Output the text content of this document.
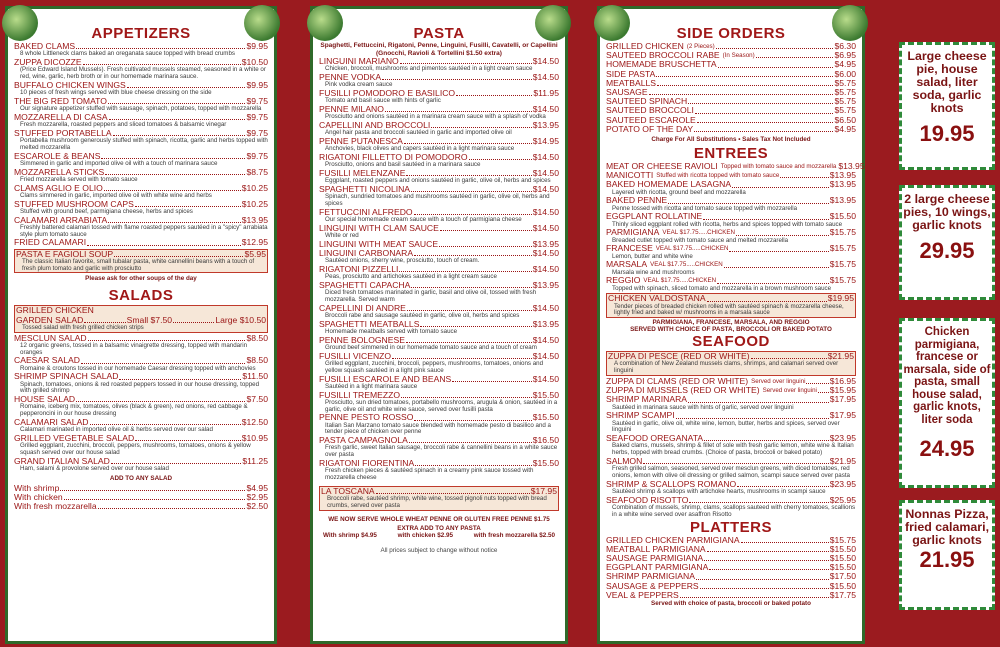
APPETIZERS
BAKED CLAMS	$9.95
8 whole Littleneck clams baked an oreganata sauce topped with bread crumbs
ZUPPA DICOZZE	$10.50
(Price Edward Island Mussels). Fresh cultivated mussels steamed, seasoned in a white or red, wine, garlic, herb broth or in our homemade marinara sauce.
BUFFALO CHICKEN WINGS	$9.95
10 pieces of fresh wings served with blue cheese dressing on the side
THE BIG RED TOMATO	$9.75
Our signature appetizer stuffed with sausage, spinach, potatoes, topped with mozzarella
MOZZARELLA DI CASA	$9.75
Fresh mozzarella, roasted peppers and sliced tomatoes & balsamic vinegar
STUFFED PORTABELLA	$9.75
Portabella mushroom generously stuffed with spinach, ricotta, garlic and herbs topped with melted mozzarella
ESCAROLE & BEANS	$9.75
Simmered in garlic and imported olive oil with a touch of marinara sauce
MOZZARELLA STICKS	$8.75
Fried mozzarella served with tomato sauce
CLAMS AGLIO E OLIO	$10.25
Clams simmered in garlic, imported olive oil with white wine and herbs
STUFFED MUSHROOM CAPS	$10.25
Stuffed with ground beef, parmigiana cheese, herbs and spices
CALAMARI ARRABIATA	$13.95
Freshly battered calamari tossed with flame roasted peppers sautéed in a "spicy" arrabiata style plum tomato sauce
FRIED CALAMARI	$12.95
PASTA E FAGIOLI SOUP	$5.95
The classic Italian favorite, small tubalar pasta, white cannellini beans with a touch of fresh plum tomato and garlic with prosciutto
Please ask for other soups of the day
SALADS
GRILLED CHICKEN
GARDEN SALAD	Small $7.50	Large $10.50
Tossed salad with fresh grilled chicken strips
MESCLUN SALAD	$8.50
12 organic greens, tossed in a balsamic vinaigrette dressing, topped with mandarin oranges
CAESAR SALAD	$8.50
Romaine & croutons tossed in our homemade Caesar dressing topped with anchovies
SHRIMP SPINACH SALAD	$11.50
Spinach, tomatoes, onions & red roasted peppers tossed in our house dressing, topped with grilled shrimp
HOUSE SALAD	$7.50
Romaine, iceberg mix, tomatoes, olives (black & green), red onions, red cabbage & pepperoncini in our house dressing
CALAMARI SALAD	$12.50
Calamari marinated in imported olive oil & herbs served over our salad
GRILLED VEGETABLE SALAD	$10.95
Grilled eggplant, zucchini, broccoli, peppers, mushrooms, tomatoes, onions & yellow squash served over our house salad
GRAND ITALIAN SALAD	$11.25
Ham, salami & provolone served over our house salad
ADD TO ANY SALAD
With shrimp	$4.95
With chicken	$2.95
With fresh mozzarella	$2.50
PASTA
Spaghetti, Fettuccini, Rigatoni, Penne, Linguini, Fusilli, Cavatelli, or Capellini
(Gnocchi, Ravioli & Tortellini $1.50 extra)
LINGUINI MARIANO	$14.50
Chicken, broccoli, mushrooms and pimentos sautéed in a light cream sauce
PENNE VODKA	$14.50
Pink vodka cream sauce
FUSILLI POMODORO E BASILICO	$11.95
Tomato and basil sauce with hints of garlic
PENNE MILANO	$14.50
Prosciutto and onions sautéed in a marinara cream sauce with a splash of vodka
CAPELLINI AND BROCCOLI	$13.95
Angel hair pasta and broccoli sautéed in garlic and imported olive oil
PENNE PUTANESCA	$14.95
Anchovies, black olives and capers sautéed in a light marinara sauce
RIGATONI FILLETTO DI POMODORO	$14.50
Prosciutto, onions and basil sautéed in a marinara sauce
FUSILLI MELENZANE	$14.50
Eggplant, roasted peppers and onions sautéed in garlic, olive oil, herbs and spices
SPAGHETTI NICOLINA	$14.50
Spinach, sundried tomatoes and mushrooms sautéed in garlic, olive oil, herbs and spices
FETTUCCINI ALFREDO	$14.50
Our special homemade cream sauce with a touch of parmigiana cheese
LINGUINI WITH CLAM SAUCE	$14.50
White or red
LINGUINI WITH MEAT SAUCE	$13.95
LINGUINI CARBONARA	$14.50
Sautéed onions, sherry wine, prosciutto, touch of cream.
RIGATONI PIZZELLI	$14.50
Peas, prosciutto and artichokes sautéed in a light cream sauce
SPAGHETTI CAPACHA	$13.95
Diced fresh tomatoes marinated in garlic, basil and olive oil, tossed with fresh mozzarella. Served warm
CAPELLINI DI ANDRE	$14.50
Broccoli rabe and sausage sautéed in garlic, olive oil, herbs and spices
SPAGHETTI MEATBALLS	$13.95
Homemade meatballs served with tomato sauce
PENNE BOLOGNESE	$14.50
Ground beef simmered in our homemade tomato sauce and a touch of cream
FUSILLI VICENZO	$14.50
Grilled eggplant, zucchini, broccoli, peppers, mushrooms, tomatoes, onions and yellow squash sautéed in a light pink sauce
FUSILLI ESCAROLE AND BEANS	$14.50
Sautéed in a light marinara sauce
FUSILLI TREMEZZO	$15.50
Prosciutto, sun dried tomatoes, portabello mushrooms, arugula & onion, sautéed in a garlic, olive oil and white wine sauce, served over fusilli pasta
PENNE PESTO ROSSO	$15.50
Italian San Marzano tomato sauce blended with homemade pesto di basilico and a tender piece of chicken over penne
PASTA CAMPAGNOLA	$16.50
Fresh garlic, sweet Italian sausage, broccoli rabe & cannellini beans in a white sauce over pasta
RIGATONI FIORENTINA	$15.50
Fresh chicken pieces & sautéed spinach in a creamy pink sauce tossed with mozzarella cheese
LA TOSCANA	$17.95
Broccoli rabe, sautéed shrimp, white wine, tossed pignoli nuts topped with bread crumbs, served over pasta
WE NOW SERVE WHOLE WHEAT PENNE OR GLUTEN FREE PENNE $1.75
EXTRA ADD TO ANY PASTA
With shrimp $4.95	with chicken $2.95	with fresh mozzarella $2.50
All prices subject to change without notice
SIDE ORDERS
GRILLED CHICKEN (2 Pieces)	$6.30
SAUTEED BROCCOLI RABE (In Season)	$6.95
HOMEMADE BRUSCHETTA	$4.95
SIDE PASTA	$6.00
MEATBALLS	$5.75
SAUSAGE	$5.75
SAUTEED SPINACH	$5.75
SAUTEED BROCCOLI	$5.75
SAUTEED ESCAROLE	$6.50
POTATO OF THE DAY	$4.95
Charge For All Substitutions • Sales Tax Not Included
ENTREES
MEAT OR CHEESE RAVIOLI Topped with tomato sauce and mozzarella $13.95
MANICOTTI Stuffed with ricotta topped with tomato sauce	$13.95
BAKED HOMEMADE LASAGNA	$13.95
Layered with ricotta, ground beef and mozzarella
BAKED PENNE	$13.95
Penne tossed with ricotta and tomato sauce topped with mozzarella
EGGPLANT ROLLATINE	$15.50
Thinly sliced eggplant rolled with ricotta, herbs and spices topped with tomato sauce
PARMIGIANA VEAL $17.75.....CHICKEN	$15.75
Breaded cutlet topped with tomato sauce and melted mozzarella
FRANCESE VEAL $17.75.....CHICKEN	$15.75
Lemon, butter and white wine
MARSALA VEAL $17.75.....CHICKEN	$15.75
Marsala wine and mushrooms
REGGIO VEAL $17.75.....CHICKEN	$15.75
Topped with spinach, sliced tomato and mozzarella in a brown mushroom sauce
CHICKEN VALDOSTANA	$19.95
Tender pieces of breaded chicken rolled with sautéed spinach & mozzarella cheese, lightly fried and baked w/ mushrooms in a marsala sauce
PARMIGIANA, FRANCESE, MARSALA, AND REGGIO
SERVED WITH CHOICE OF PASTA, BROCCOLI OR BAKED POTATO
SEAFOOD
ZUPPA DI PESCE (RED OR WHITE)	$21.95
A combination of New Zealand mussels clams, shrimps, and calamari served over linguini
ZUPPA DI CLAMS (RED OR WHITE) Served over linguini	$16.95
ZUPPA DI MUSSELS (RED OR WHITE) Served over linguini $15.95
SHRIMP MARINARA	$17.95
Sautéed in marinara sauce with hints of garlic, served over linguini
SHRIMP SCAMPI	$17.95
Sautéed in garlic, olive oil, white wine, lemon, butter, herbs and spices, served over linguini
SEAFOOD OREGANATA	$23.95
Baked clams, mussels, shrimp & fillet of sole with fresh garlic lemon, white wine & Italian herbs, topped with bread crumbs. (Choice of pasta, broccoli or baked potato)
SALMON	$21.95
Fresh grilled salmon, seasoned, served over mesclun greens, with diced tomatoes, red onions, lemon with olive oil dressing or grilled salmon, scampi sauce served over pasta
SHRIMP & SCALLOPS ROMANO	$23.95
Sautéed shrimp & scallops with artichoke hearts, mushrooms in scampi sauce
SEAFOOD RISOTTO	$25.95
Combination of mussels, shrimp, clams, scallops sauteed with cherry tomatoes, scallions in a white wine served over asaffron Risotto
PLATTERS
GRILLED CHICKEN PARMIGIANA	$15.75
MEATBALL PARMIGIANA	$15.50
SAUSAGE PARMIGIANA	$15.50
EGGPLANT PARMIGIANA	$15.50
SHRIMP PARMIGIANA	$17.50
SAUSAGE & PEPPERS	$15.50
VEAL & PEPPERS	$17.75
Served with choice of pasta, broccoli or baked potato
Large cheese pie, house salad, liter soda, garlic knots
19.95
2 large cheese pies, 10 wings, garlic knots
29.95
Chicken parmigiana, francese or marsala, side of pasta, small house salad, garlic knots, liter soda
24.95
Nonnas Pizza, fried calamari, garlic knots
21.95
